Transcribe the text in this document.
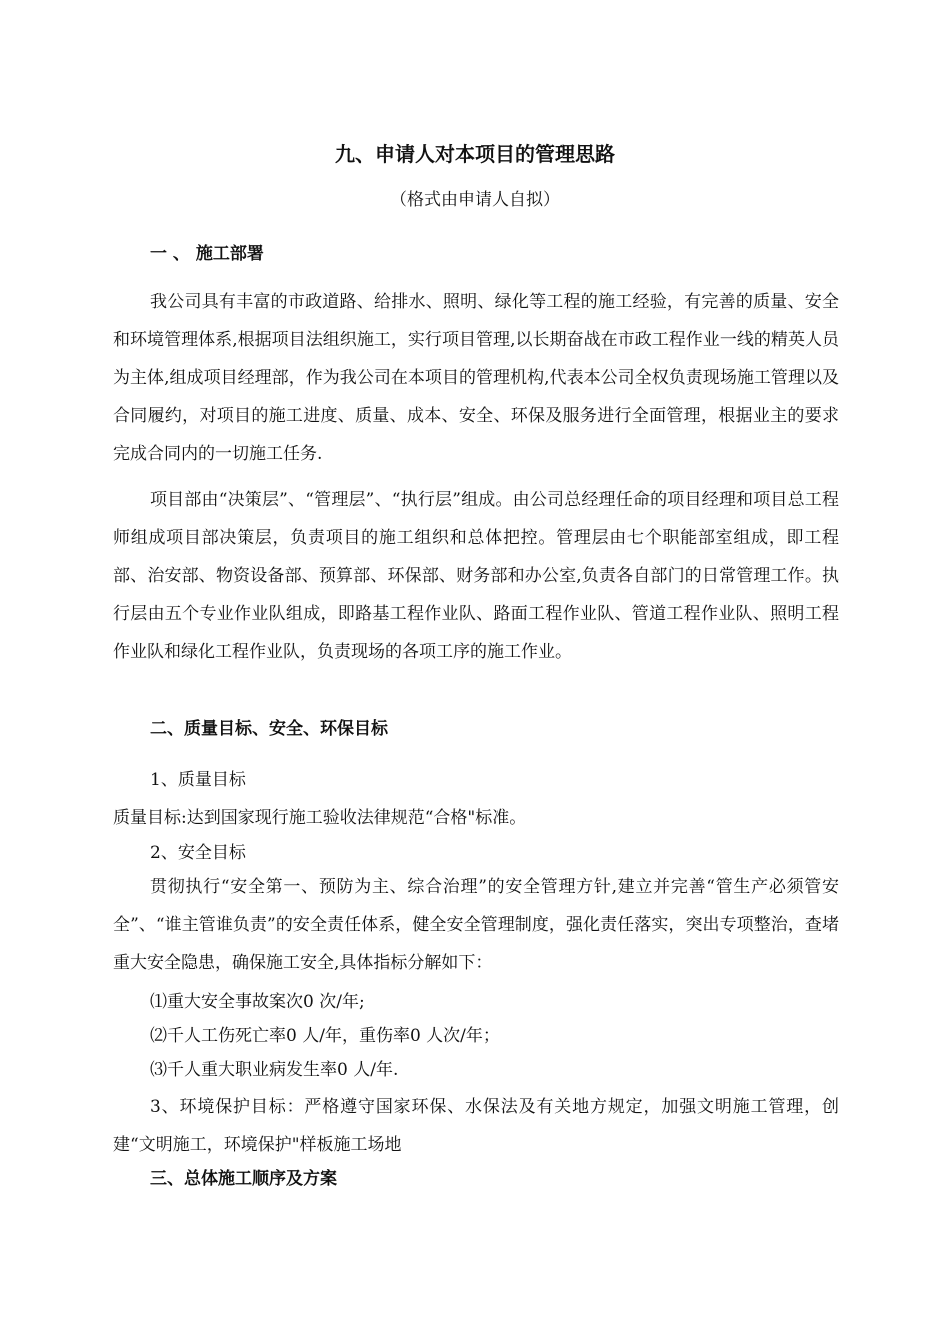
九、申请人对本项目的管理思路
（格式由申请人自拟）
一 、 施工部署

我公司具有丰富的市政道路、给排水、照明、绿化等工程的施工经验，有完善的质量、安全和环境管理体系,根据项目法组织施工，实行项目管理,以长期奋战在市政工程作业一线的精英人员为主体,组成项目经理部，作为我公司在本项目的管理机构,代表本公司全权负责现场施工管理以及合同履约，对项目的施工进度、质量、成本、安全、环保及服务进行全面管理，根据业主的要求完成合同内的一切施工任务.

项目部由“决策层”、“管理层”、“执行层”组成。由公司总经理任命的项目经理和项目总工程师组成项目部决策层，负责项目的施工组织和总体把控。管理层由七个职能部室组成，即工程部、治安部、物资设备部、预算部、环保部、财务部和办公室,负责各自部门的日常管理工作。执行层由五个专业作业队组成，即路基工程作业队、路面工程作业队、管道工程作业队、照明工程作业队和绿化工程作业队，负责现场的各项工序的施工作业。

二、质量目标、安全、环保目标
1、质量目标
质量目标:达到国家现行施工验收法律规范“合格"标准。
2、安全目标

贯彻执行“安全第一、预防为主、综合治理”的安全管理方针,建立并完善“管生产必须管安全”、“谁主管谁负责”的安全责任体系，健全安全管理制度，强化责任落实，突出专项整治，查堵重大安全隐患，确保施工安全,具体指标分解如下：

⑴重大安全事故案次0 次/年;
⑵千人工伤死亡率0 人/年，重伤率0 人次/年；
⑶千人重大职业病发生率0 人/年.

3、环境保护目标：严格遵守国家环保、水保法及有关地方规定，加强文明施工管理，创建“文明施工，环境保护"样板施工场地

三、总体施工顺序及方案
